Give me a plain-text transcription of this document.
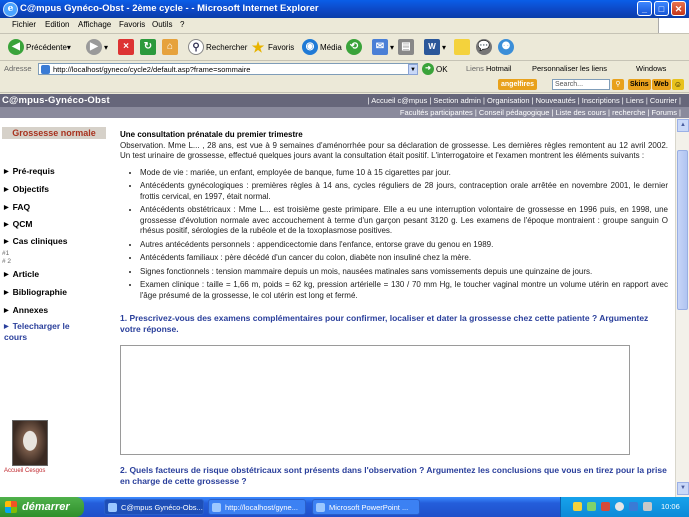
e C@mpus Gynéco-Obst - 2ème cycle - - Microsoft Internet Explorer	_	□	✕
Fichier Edition Affichage Favoris Outils ?
◀ Précédente ▾	▶ ▾	×	↻	⌂	⚲ Rechercher ★ Favoris	◉ Média ⟲	✉ ▾ ▤	W ▾	💬	⚉
Adresse	http://localhost/gyneco/cycle2/default.asp?frame=sommaire	▼	➜ OK Liens Hotmail	Personnaliser les liens	Windows
angelfires	Search...	⚲	Skins Web ☺
C@mpus-Gynéco-Obst	| Accueil c@mpus | Section admin | Organisation | Nouveautés | Inscriptions | Liens | Courrier |
Facultés participantes | Conseil pédagogique | Liste des cours | recherche | Forums |
Grossesse normale
▶ Pré-requis
▶ Objectifs
▶ FAQ
▶ QCM
▶ Cas cliniques
#1
# 2
▶ Article
▶ Bibliographie
▶ Annexes
▶ Telecharger le cours
Accueil Cesgos
Une consultation prénatale du premier trimestre

Observation. Mme L... , 28 ans, est vue à 9 semaines d'aménorrhée pour sa déclaration de grossesse. Les dernières règles remontent au 12 avril 2002. Un test urinaire de grossesse, effectué quelques jours avant la consultation était positif. L'interrogatoire et l'examen montrent les éléments suivants :

• Mode de vie : mariée, un enfant, employée de banque, fume 10 à 15 cigarettes par jour.
• Antécédents gynécologiques : premières règles à 14 ans, cycles réguliers de 28 jours, contraception orale arrêtée en novembre 2001, le dernier frottis cervical, en 1997, était normal.
• Antécédents obstétricaux : Mme L... est troisième geste primipare. Elle a eu une interruption volontaire de grossesse en 1996 puis, en 1998, une grossesse d'évolution normale avec accouchement à terme d'un garçon pesant 3120 g. Les examens de l'époque montraient : groupe sanguin O rhésus positif, sérologies de la rubéole et de la toxoplasmose positives.
• Autres antécédents personnels : appendicectomie dans l'enfance, entorse grave du genou en 1989.
• Antécédents familiaux : père décédé d'un cancer du colon, diabète non insuliné chez la mère.
• Signes fonctionnels : tension mammaire depuis un mois, nausées matinales sans vomissements depuis une quinzaine de jours.
• Examen clinique : taille = 1,66 m, poids = 62 kg, pression artérielle = 130 / 70 mm Hg, le toucher vaginal montre un volume utérin en rapport avec l'âge présumé de la grossesse, le col utérin est long et fermé.
1. Prescrivez-vous des examens complémentaires pour confirmer, localiser et dater la grossesse chez cette patiente ? Argumentez votre réponse.
2. Quels facteurs de risque obstétricaux sont présents dans l'observation ? Argumentez les conclusions que vous en tirez pour la prise en charge de cette grossesse ?
▲
▼
démarrer	C@mpus Gynéco-Obs...	http://localhost/gyne...	Microsoft PowerPoint ...	10:06
